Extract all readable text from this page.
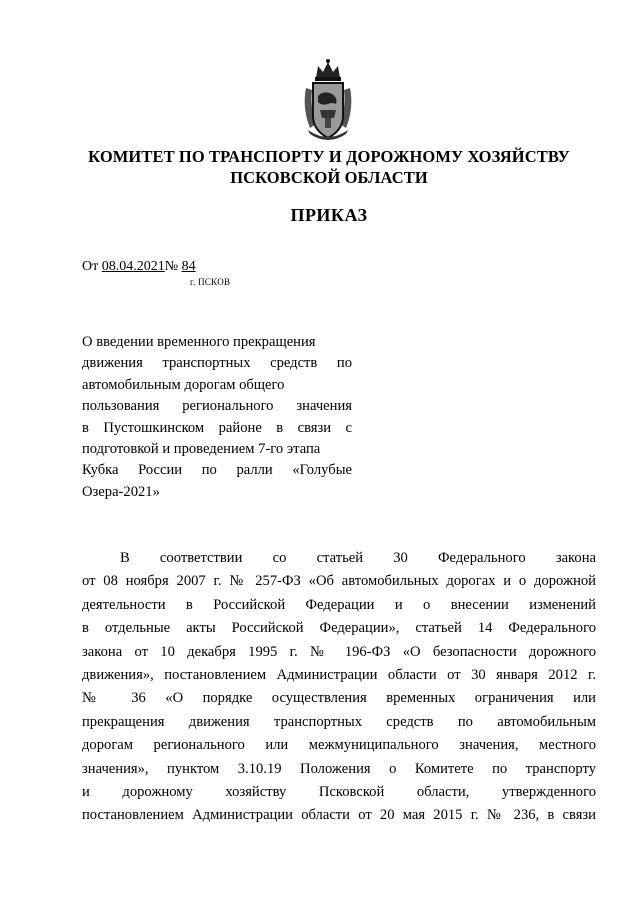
КОМИТЕТ ПО ТРАНСПОРТУ И ДОРОЖНОМУ ХОЗЯЙСТВУ
ПСКОВСКОЙ ОБЛАСТИ
ПРИКАЗ
От 08.04.2021№ 84
г. ПСКОВ
О введении временного прекращения
движения транспортных средств по
автомобильным дорогам общего
пользования регионального значения
в Пустошкинском районе в связи с
подготовкой и проведением 7-го этапа
Кубка России по ралли «Голубые
Озера-2021»
В соответствии со статьей 30 Федерального закона
от 08 ноября 2007 г. № 257-ФЗ «Об автомобильных дорогах и о дорожной
деятельности в Российской Федерации и о внесении изменений
в отдельные акты Российской Федерации», статьей 14 Федерального
закона от 10 декабря 1995 г. № 196-ФЗ «О безопасности дорожного
движения», постановлением Администрации области от 30 января 2012 г.
№ 36 «О порядке осуществления временных ограничения или
прекращения движения транспортных средств по автомобильным
дорогам регионального или межмуниципального значения, местного
значения», пунктом 3.10.19 Положения о Комитете по транспорту
и дорожному хозяйству Псковской области, утвержденного
постановлением Администрации области от 20 мая 2015 г. № 236, в связи
